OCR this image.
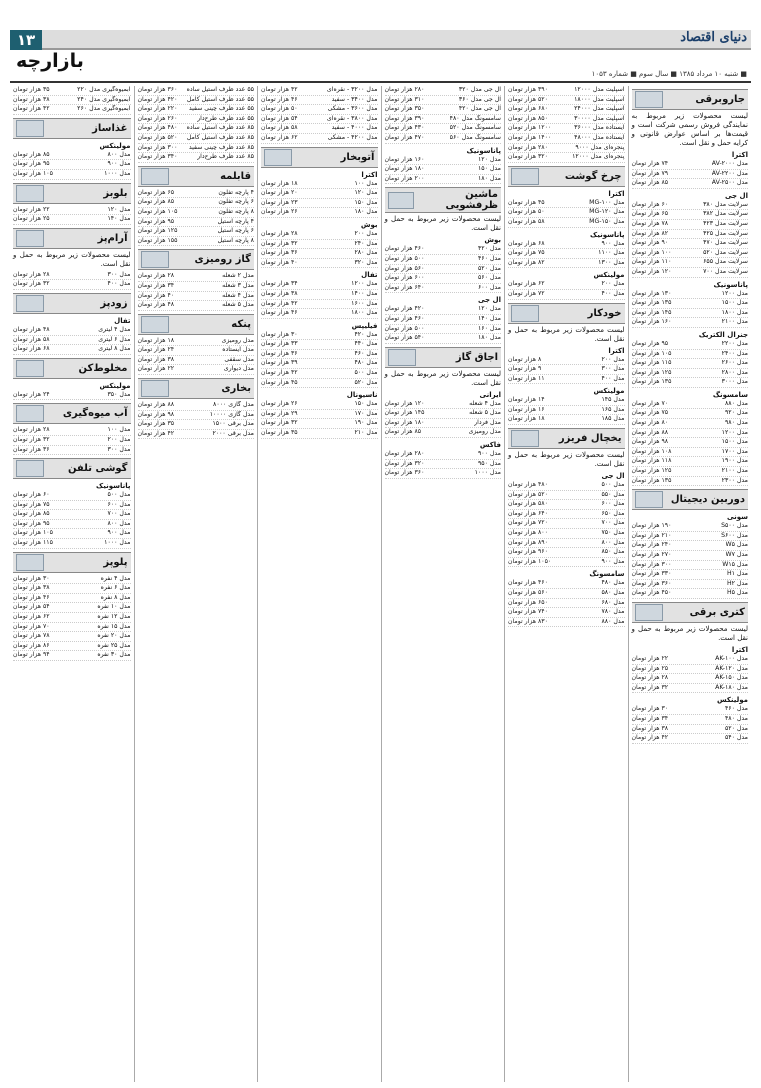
۱۳	دنیای اقتصاد
بازارچه
■ شنبه ۱۰ مرداد ۱۳۸۵ ■ سال سوم ■ شماره ۱۰۵۳
جاروبرقی
لیست محصولات زیر مربوط به نمایندگی فروش رسمی شرکت است و قیمت‌ها بر اساس عوارض قانونی و کرایه حمل و نقل است.
اکترا
مدل AV-۲۰۰۰
۷۴ هزار تومان
مدل AV-۲۲۰۰
۷۹ هزار تومان
مدل AV-۲۵۰۰
۸۵ هزار تومان
ال جی
سرلایت مدل ۳۸۰
۶۰ هزار تومان
سرلایت مدل ۳۸۲
۶۵ هزار تومان
سرلایت مدل ۴۲۳
۷۸ هزار تومان
سرلایت مدل ۴۲۵
۸۲ هزار تومان
سرلایت مدل ۴۷۰
۹۰ هزار تومان
سرلایت مدل ۵۲۰
۱۰۰ هزار تومان
سرلایت مدل ۶۵۵
۱۱۰ هزار تومان
سرلایت مدل ۷۰۰
۱۲۰ هزار تومان
پاناسونیک
مدل ۱۲۰۰
۱۳۰ هزار تومان
مدل ۱۵۰۰
۱۳۵ هزار تومان
مدل ۱۸۰۰
۱۴۵ هزار تومان
مدل ۲۱۰۰
۱۶۰ هزار تومان
جنرال الکتریک
مدل ۲۲۰۰
۹۵ هزار تومان
مدل ۲۴۰۰
۱۰۵ هزار تومان
مدل ۲۶۰۰
۱۱۵ هزار تومان
مدل ۲۸۰۰
۱۲۵ هزار تومان
مدل ۳۰۰۰
۱۳۵ هزار تومان
سامسونگ
مدل ۸۸۰
۷۰ هزار تومان
مدل ۹۲۰
۷۵ هزار تومان
مدل ۹۸۰
۸۰ هزار تومان
مدل ۱۲۰۰
۸۸ هزار تومان
مدل ۱۵۰۰
۹۸ هزار تومان
مدل ۱۷۰۰
۱۰۸ هزار تومان
مدل ۱۹۰۰
۱۱۸ هزار تومان
مدل ۲۱۰۰
۱۲۵ هزار تومان
مدل ۲۳۰۰
۱۳۵ هزار تومان
دوربین دیجیتال
سونی
مدل S۵۰۰
۱۹۰ هزار تومان
مدل S۶۰۰
۲۱۰ هزار تومان
مدل W۵
۲۴۰ هزار تومان
مدل W۷
۲۷۰ هزار تومان
مدل W۱۵
۳۰۰ هزار تومان
مدل H۱
۳۳۰ هزار تومان
مدل H۲
۳۶۰ هزار تومان
مدل H۵
۴۵۰ هزار تومان
کتری برقی
لیست محصولات زیر مربوط به حمل و نقل است.
اکترا
مدل AK-۱۰۰
۲۲ هزار تومان
مدل AK-۱۲۰
۲۵ هزار تومان
مدل AK-۱۵۰
۲۸ هزار تومان
مدل AK-۱۸۰
۳۲ هزار تومان
مولینکس
مدل ۴۶۰
۳۰ هزار تومان
مدل ۴۸۰
۳۴ هزار تومان
مدل ۵۲۰
۳۸ هزار تومان
مدل ۵۴۰
۴۲ هزار تومان
اسپلیت مدل ۱۲۰۰۰
۳۹۰ هزار تومان
اسپلیت مدل ۱۸۰۰۰
۵۲۰ هزار تومان
اسپلیت مدل ۲۴۰۰۰
۶۸۰ هزار تومان
اسپلیت مدل ۳۰۰۰۰
۸۵۰ هزار تومان
ایستاده مدل ۳۶۰۰۰
۱۲۰۰ هزار تومان
ایستاده مدل ۴۸۰۰۰
۱۴۰۰ هزار تومان
پنجره‌ای مدل ۹۰۰۰
۲۸۰ هزار تومان
پنجره‌ای مدل ۱۲۰۰۰
۳۲۰ هزار تومان
چرخ گوشت
اکترا
مدل MG-۱۰۰
۴۵ هزار تومان
مدل MG-۱۲۰
۵۰ هزار تومان
مدل MG-۱۵۰
۵۸ هزار تومان
پاناسونیک
مدل ۹۰۰
۶۸ هزار تومان
مدل ۱۱۰۰
۷۵ هزار تومان
مدل ۱۳۰۰
۸۲ هزار تومان
مولینکس
مدل ۲۰۰
۶۲ هزار تومان
مدل ۴۰۰
۷۲ هزار تومان
خودکار
لیست محصولات زیر مربوط به حمل و نقل است.
اکترا
مدل ۲۰۰
۸ هزار تومان
مدل ۳۰۰
۹ هزار تومان
مدل ۴۰۰
۱۱ هزار تومان
مولینکس
مدل ۱۴۵
۱۴ هزار تومان
مدل ۱۶۵
۱۶ هزار تومان
مدل ۱۸۵
۱۸ هزار تومان
یخچال فریزر
لیست محصولات زیر مربوط به حمل و نقل است.
ال جی
مدل ۵۰۰
۴۸۰ هزار تومان
مدل ۵۵۰
۵۲۰ هزار تومان
مدل ۶۰۰
۵۸۰ هزار تومان
مدل ۶۵۰
۶۴۰ هزار تومان
مدل ۷۰۰
۷۲۰ هزار تومان
مدل ۷۵۰
۸۰۰ هزار تومان
مدل ۸۰۰
۸۹۰ هزار تومان
مدل ۸۵۰
۹۶۰ هزار تومان
مدل ۹۰۰
۱۰۵۰ هزار تومان
سامسونگ
مدل ۴۸۰
۴۶۰ هزار تومان
مدل ۵۸۰
۵۶۰ هزار تومان
مدل ۶۸۰
۶۵۰ هزار تومان
مدل ۷۸۰
۷۴۰ هزار تومان
مدل ۸۸۰
۸۳۰ هزار تومان
ال جی مدل ۳۲۰
۲۸۰ هزار تومان
ال جی مدل ۳۶۰
۳۱۰ هزار تومان
ال جی مدل ۴۲۰
۳۵۰ هزار تومان
سامسونگ مدل ۴۸۰
۳۹۰ هزار تومان
سامسونگ مدل ۵۲۰
۴۳۰ هزار تومان
سامسونگ مدل ۵۶۰
۴۷۰ هزار تومان
پاناسونیک
مدل ۱۲۰
۱۶۰ هزار تومان
مدل ۱۵۰
۱۸۰ هزار تومان
مدل ۱۸۰
۲۰۰ هزار تومان
ماشین ظرفشویی
لیست محصولات زیر مربوط به حمل و نقل است.
بوش
مدل ۴۲۰
۴۶۰ هزار تومان
مدل ۴۶۰
۵۰۰ هزار تومان
مدل ۵۲۰
۵۶۰ هزار تومان
مدل ۵۶۰
۶۰۰ هزار تومان
مدل ۶۰۰
۶۴۰ هزار تومان
ال جی
مدل ۱۲۰
۴۲۰ هزار تومان
مدل ۱۴۰
۴۶۰ هزار تومان
مدل ۱۶۰
۵۰۰ هزار تومان
مدل ۱۸۰
۵۴۰ هزار تومان
اجاق گاز
لیست محصولات زیر مربوط به حمل و نقل است.
ایرانی
مدل ۴ شعله
۱۲۰ هزار تومان
مدل ۵ شعله
۱۴۵ هزار تومان
مدل فردار
۱۸۰ هزار تومان
مدل رومیزی
۸۵ هزار تومان
فاکس
مدل ۹۰۰
۲۸۰ هزار تومان
مدل ۹۵۰
۳۲۰ هزار تومان
مدل ۱۰۰۰
۳۶۰ هزار تومان
مدل ۳۲۰۰ - نقره‌ای
۴۲ هزار تومان
مدل ۳۴۰۰ - سفید
۴۶ هزار تومان
مدل ۳۶۰۰ - مشکی
۵۰ هزار تومان
مدل ۳۸۰۰ - نقره‌ای
۵۴ هزار تومان
مدل ۴۰۰۰ - سفید
۵۸ هزار تومان
مدل ۴۲۰۰ - مشکی
۶۲ هزار تومان
آتوبخار
اکترا
مدل ۱۰۰
۱۸ هزار تومان
مدل ۱۲۰
۲۰ هزار تومان
مدل ۱۵۰
۲۳ هزار تومان
مدل ۱۸۰
۲۶ هزار تومان
بوش
مدل ۲۰۰
۲۸ هزار تومان
مدل ۲۴۰
۳۲ هزار تومان
مدل ۲۸۰
۳۶ هزار تومان
مدل ۳۲۰
۴۰ هزار تومان
تفال
مدل ۱۲۰۰
۳۴ هزار تومان
مدل ۱۴۰۰
۳۸ هزار تومان
مدل ۱۶۰۰
۴۲ هزار تومان
مدل ۱۸۰۰
۴۶ هزار تومان
فیلیپس
مدل ۴۲۰
۳۰ هزار تومان
مدل ۴۴۰
۳۳ هزار تومان
مدل ۴۶۰
۳۶ هزار تومان
مدل ۴۸۰
۳۹ هزار تومان
مدل ۵۰۰
۴۲ هزار تومان
مدل ۵۲۰
۴۵ هزار تومان
ناسیونال
مدل ۱۵۰
۲۶ هزار تومان
مدل ۱۷۰
۲۹ هزار تومان
مدل ۱۹۰
۳۲ هزار تومان
مدل ۲۱۰
۳۵ هزار تومان
۵۵ عدد ظرف استیل ساده
۳۶۰ هزار تومان
۵۵ عدد ظرف استیل کامل
۴۲۰ هزار تومان
۵۵ عدد ظرف چینی سفید
۲۲۰ هزار تومان
۵۵ عدد ظرف طرح‌دار
۲۶۰ هزار تومان
۸۵ عدد ظرف استیل ساده
۴۸۰ هزار تومان
۸۵ عدد ظرف استیل کامل
۵۲۰ هزار تومان
۸۵ عدد ظرف چینی سفید
۳۰۰ هزار تومان
۸۵ عدد ظرف طرح‌دار
۳۴۰ هزار تومان
قابلمه
۴ پارچه تفلون
۶۵ هزار تومان
۶ پارچه تفلون
۸۵ هزار تومان
۸ پارچه تفلون
۱۰۵ هزار تومان
۴ پارچه استیل
۹۵ هزار تومان
۶ پارچه استیل
۱۲۵ هزار تومان
۸ پارچه استیل
۱۵۵ هزار تومان
گاز رومیزی
مدل ۲ شعله
۲۸ هزار تومان
مدل ۳ شعله
۳۴ هزار تومان
مدل ۴ شعله
۴۰ هزار تومان
مدل ۵ شعله
۴۸ هزار تومان
پنکه
مدل رومیزی
۱۸ هزار تومان
مدل ایستاده
۲۴ هزار تومان
مدل سقفی
۳۸ هزار تومان
مدل دیواری
۲۲ هزار تومان
بخاری
مدل گازی ۸۰۰۰
۸۸ هزار تومان
مدل گازی ۱۰۰۰۰
۹۸ هزار تومان
مدل برقی ۱۵۰۰
۳۵ هزار تومان
مدل برقی ۲۰۰۰
۴۲ هزار تومان
آبمیوه‌گیری مدل ۲۲۰
۳۵ هزار تومان
آبمیوه‌گیری مدل ۲۴۰
۳۸ هزار تومان
آبمیوه‌گیری مدل ۲۶۰
۴۲ هزار تومان
غذاساز
مولینکس
مدل ۸۰۰
۸۵ هزار تومان
مدل ۹۰۰
۹۵ هزار تومان
مدل ۱۰۰۰
۱۰۵ هزار تومان
بلوبز
مدل ۱۲۰
۲۲ هزار تومان
مدل ۱۴۰
۲۵ هزار تومان
آرام‌پز
لیست محصولات زیر مربوط به حمل و نقل است.
مدل ۳۰۰
۲۸ هزار تومان
مدل ۴۰۰
۳۲ هزار تومان
زودپز
تفال
مدل ۴ لیتری
۴۸ هزار تومان
مدل ۶ لیتری
۵۸ هزار تومان
مدل ۸ لیتری
۶۸ هزار تومان
مخلوط‌کن
مولینکس
مدل ۳۵۰
۲۴ هزار تومان
آب میوه‌گیری
مدل ۱۰۰
۲۸ هزار تومان
مدل ۲۰۰
۳۲ هزار تومان
مدل ۳۰۰
۳۶ هزار تومان
گوشی تلفن
پاناسونیک
مدل ۵۰۰
۶۰ هزار تومان
مدل ۶۰۰
۷۵ هزار تومان
مدل ۷۰۰
۸۵ هزار تومان
مدل ۸۰۰
۹۵ هزار تومان
مدل ۹۰۰
۱۰۵ هزار تومان
مدل ۱۰۰۰
۱۱۵ هزار تومان
پلوپز
مدل ۴ نفره
۳۰ هزار تومان
مدل ۶ نفره
۳۸ هزار تومان
مدل ۸ نفره
۴۶ هزار تومان
مدل ۱۰ نفره
۵۴ هزار تومان
مدل ۱۲ نفره
۶۲ هزار تومان
مدل ۱۵ نفره
۷۰ هزار تومان
مدل ۲۰ نفره
۷۸ هزار تومان
مدل ۲۵ نفره
۸۶ هزار تومان
مدل ۳۰ نفره
۹۴ هزار تومان
